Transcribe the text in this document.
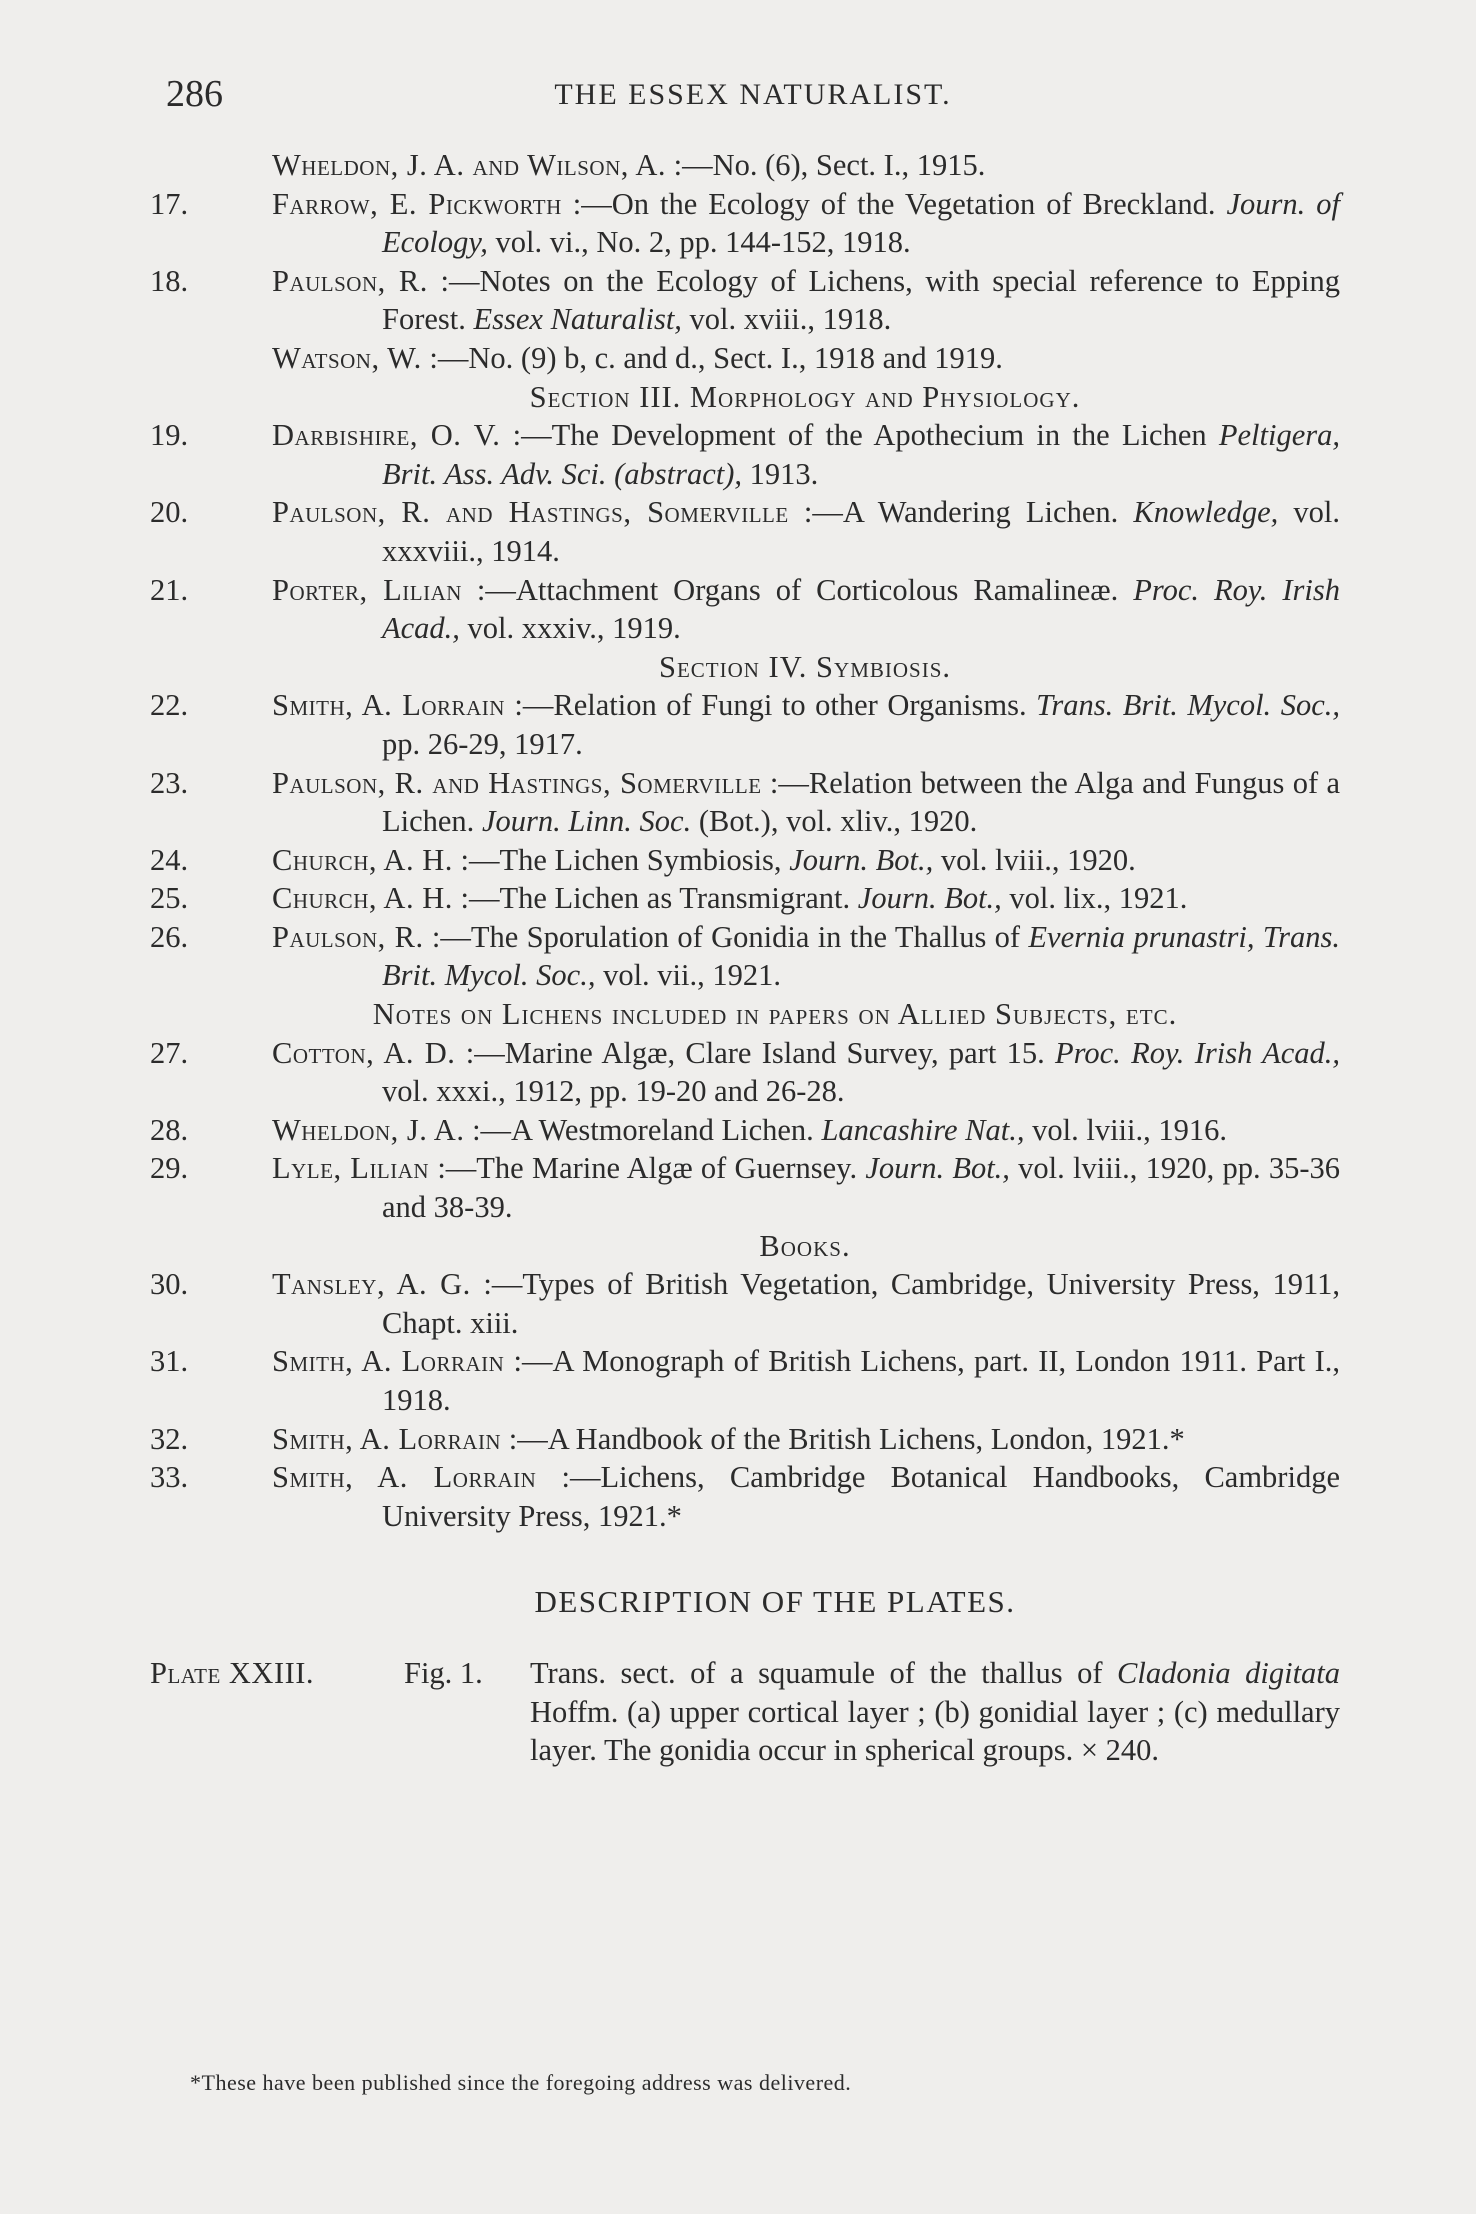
286	THE ESSEX NATURALIST.
Wheldon, J. A. and Wilson, A. :—No. (6), Sect. I., 1915.
17.	Farrow, E. Pickworth :—On the Ecology of the Vegetation of Breckland. Journ. of Ecology, vol. vi., No. 2, pp. 144-152, 1918.
18.	Paulson, R. :—Notes on the Ecology of Lichens, with special reference to Epping Forest. Essex Naturalist, vol. xviii., 1918.
Watson, W. :—No. (9) b, c. and d., Sect. I., 1918 and 1919.
Section III. Morphology and Physiology.
19.	Darbishire, O. V. :—The Development of the Apothecium in the Lichen Peltigera, Brit. Ass. Adv. Sci. (abstract), 1913.
20.	Paulson, R. and Hastings, Somerville :—A Wandering Lichen. Knowledge, vol. xxxviii., 1914.
21.	Porter, Lilian :—Attachment Organs of Corticolous Ramalineæ. Proc. Roy. Irish Acad., vol. xxxiv., 1919.
Section IV. Symbiosis.
22.	Smith, A. Lorrain :—Relation of Fungi to other Organisms. Trans. Brit. Mycol. Soc., pp. 26-29, 1917.
23.	Paulson, R. and Hastings, Somerville :—Relation between the Alga and Fungus of a Lichen. Journ. Linn. Soc. (Bot.), vol. xliv., 1920.
24.	Church, A. H. :—The Lichen Symbiosis, Journ. Bot., vol. lviii., 1920.
25.	Church, A. H. :—The Lichen as Transmigrant. Journ. Bot., vol. lix., 1921.
26.	Paulson, R. :—The Sporulation of Gonidia in the Thallus of Evernia prunastri, Trans. Brit. Mycol. Soc., vol. vii., 1921.
Notes on Lichens included in papers on Allied Subjects, etc.
27.	Cotton, A. D. :—Marine Algæ, Clare Island Survey, part 15. Proc. Roy. Irish Acad., vol. xxxi., 1912, pp. 19-20 and 26-28.
28.	Wheldon, J. A. :—A Westmoreland Lichen. Lancashire Nat., vol. lviii., 1916.
29.	Lyle, Lilian :—The Marine Algæ of Guernsey. Journ. Bot., vol. lviii., 1920, pp. 35-36 and 38-39.
Books.
30.	Tansley, A. G. :—Types of British Vegetation, Cambridge, University Press, 1911, Chapt. xiii.
31.	Smith, A. Lorrain :—A Monograph of British Lichens, part. II, London 1911. Part I., 1918.
32.	Smith, A. Lorrain :—A Handbook of the British Lichens, London, 1921.*
33.	Smith, A. Lorrain :—Lichens, Cambridge Botanical Handbooks, Cambridge University Press, 1921.*
DESCRIPTION OF THE PLATES.
Plate XXIII.	Fig. 1.	Trans. sect. of a squamule of the thallus of Cladonia digitata Hoffm. (a) upper cortical layer ; (b) gonidial layer ; (c) medullary layer. The gonidia occur in spherical groups. × 240.
*These have been published since the foregoing address was delivered.
